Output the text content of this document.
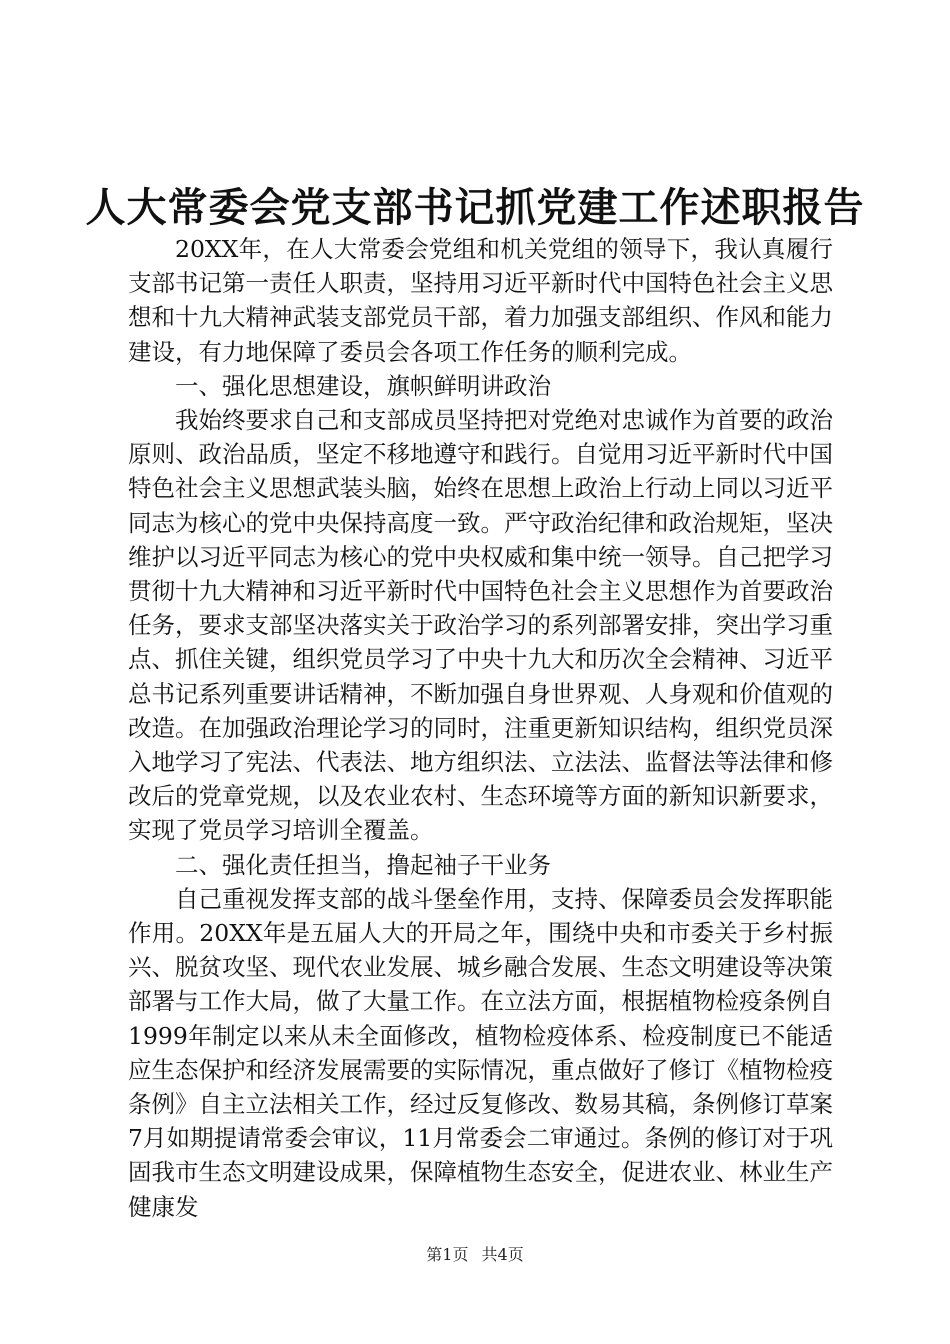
人大常委会党支部书记抓党建工作述职报告

20XX年，在人大常委会党组和机关党组的领导下，我认真履行支部书记第一责任人职责，坚持用习近平新时代中国特色社会主义思想和十九大精神武装支部党员干部，着力加强支部组织、作风和能力建设，有力地保障了委员会各项工作任务的顺利完成。

一、强化思想建设，旗帜鲜明讲政治

我始终要求自己和支部成员坚持把对党绝对忠诚作为首要的政治原则、政治品质，坚定不移地遵守和践行。自觉用习近平新时代中国特色社会主义思想武装头脑，始终在思想上政治上行动上同以习近平同志为核心的党中央保持高度一致。严守政治纪律和政治规矩，坚决维护以习近平同志为核心的党中央权威和集中统一领导。自己把学习贯彻十九大精神和习近平新时代中国特色社会主义思想作为首要政治任务，要求支部坚决落实关于政治学习的系列部署安排，突出学习重点、抓住关键，组织党员学习了中央十九大和历次全会精神、习近平总书记系列重要讲话精神，不断加强自身世界观、人身观和价值观的改造。在加强政治理论学习的同时，注重更新知识结构，组织党员深入地学习了宪法、代表法、地方组织法、立法法、监督法等法律和修改后的党章党规，以及农业农村、生态环境等方面的新知识新要求，实现了党员学习培训全覆盖。

二、强化责任担当，撸起袖子干业务

自己重视发挥支部的战斗堡垒作用，支持、保障委员会发挥职能作用。20XX年是五届人大的开局之年，围绕中央和市委关于乡村振兴、脱贫攻坚、现代农业发展、城乡融合发展、生态文明建设等决策部署与工作大局，做了大量工作。在立法方面，根据植物检疫条例自1999年制定以来从未全面修改，植物检疫体系、检疫制度已不能适应生态保护和经济发展需要的实际情况，重点做好了修订《植物检疫条例》自主立法相关工作，经过反复修改、数易其稿，条例修订草案7月如期提请常委会审议，11月常委会二审通过。条例的修订对于巩固我市生态文明建设成果，保障植物生态安全，促进农业、林业生产健康发

第1页 共4页
